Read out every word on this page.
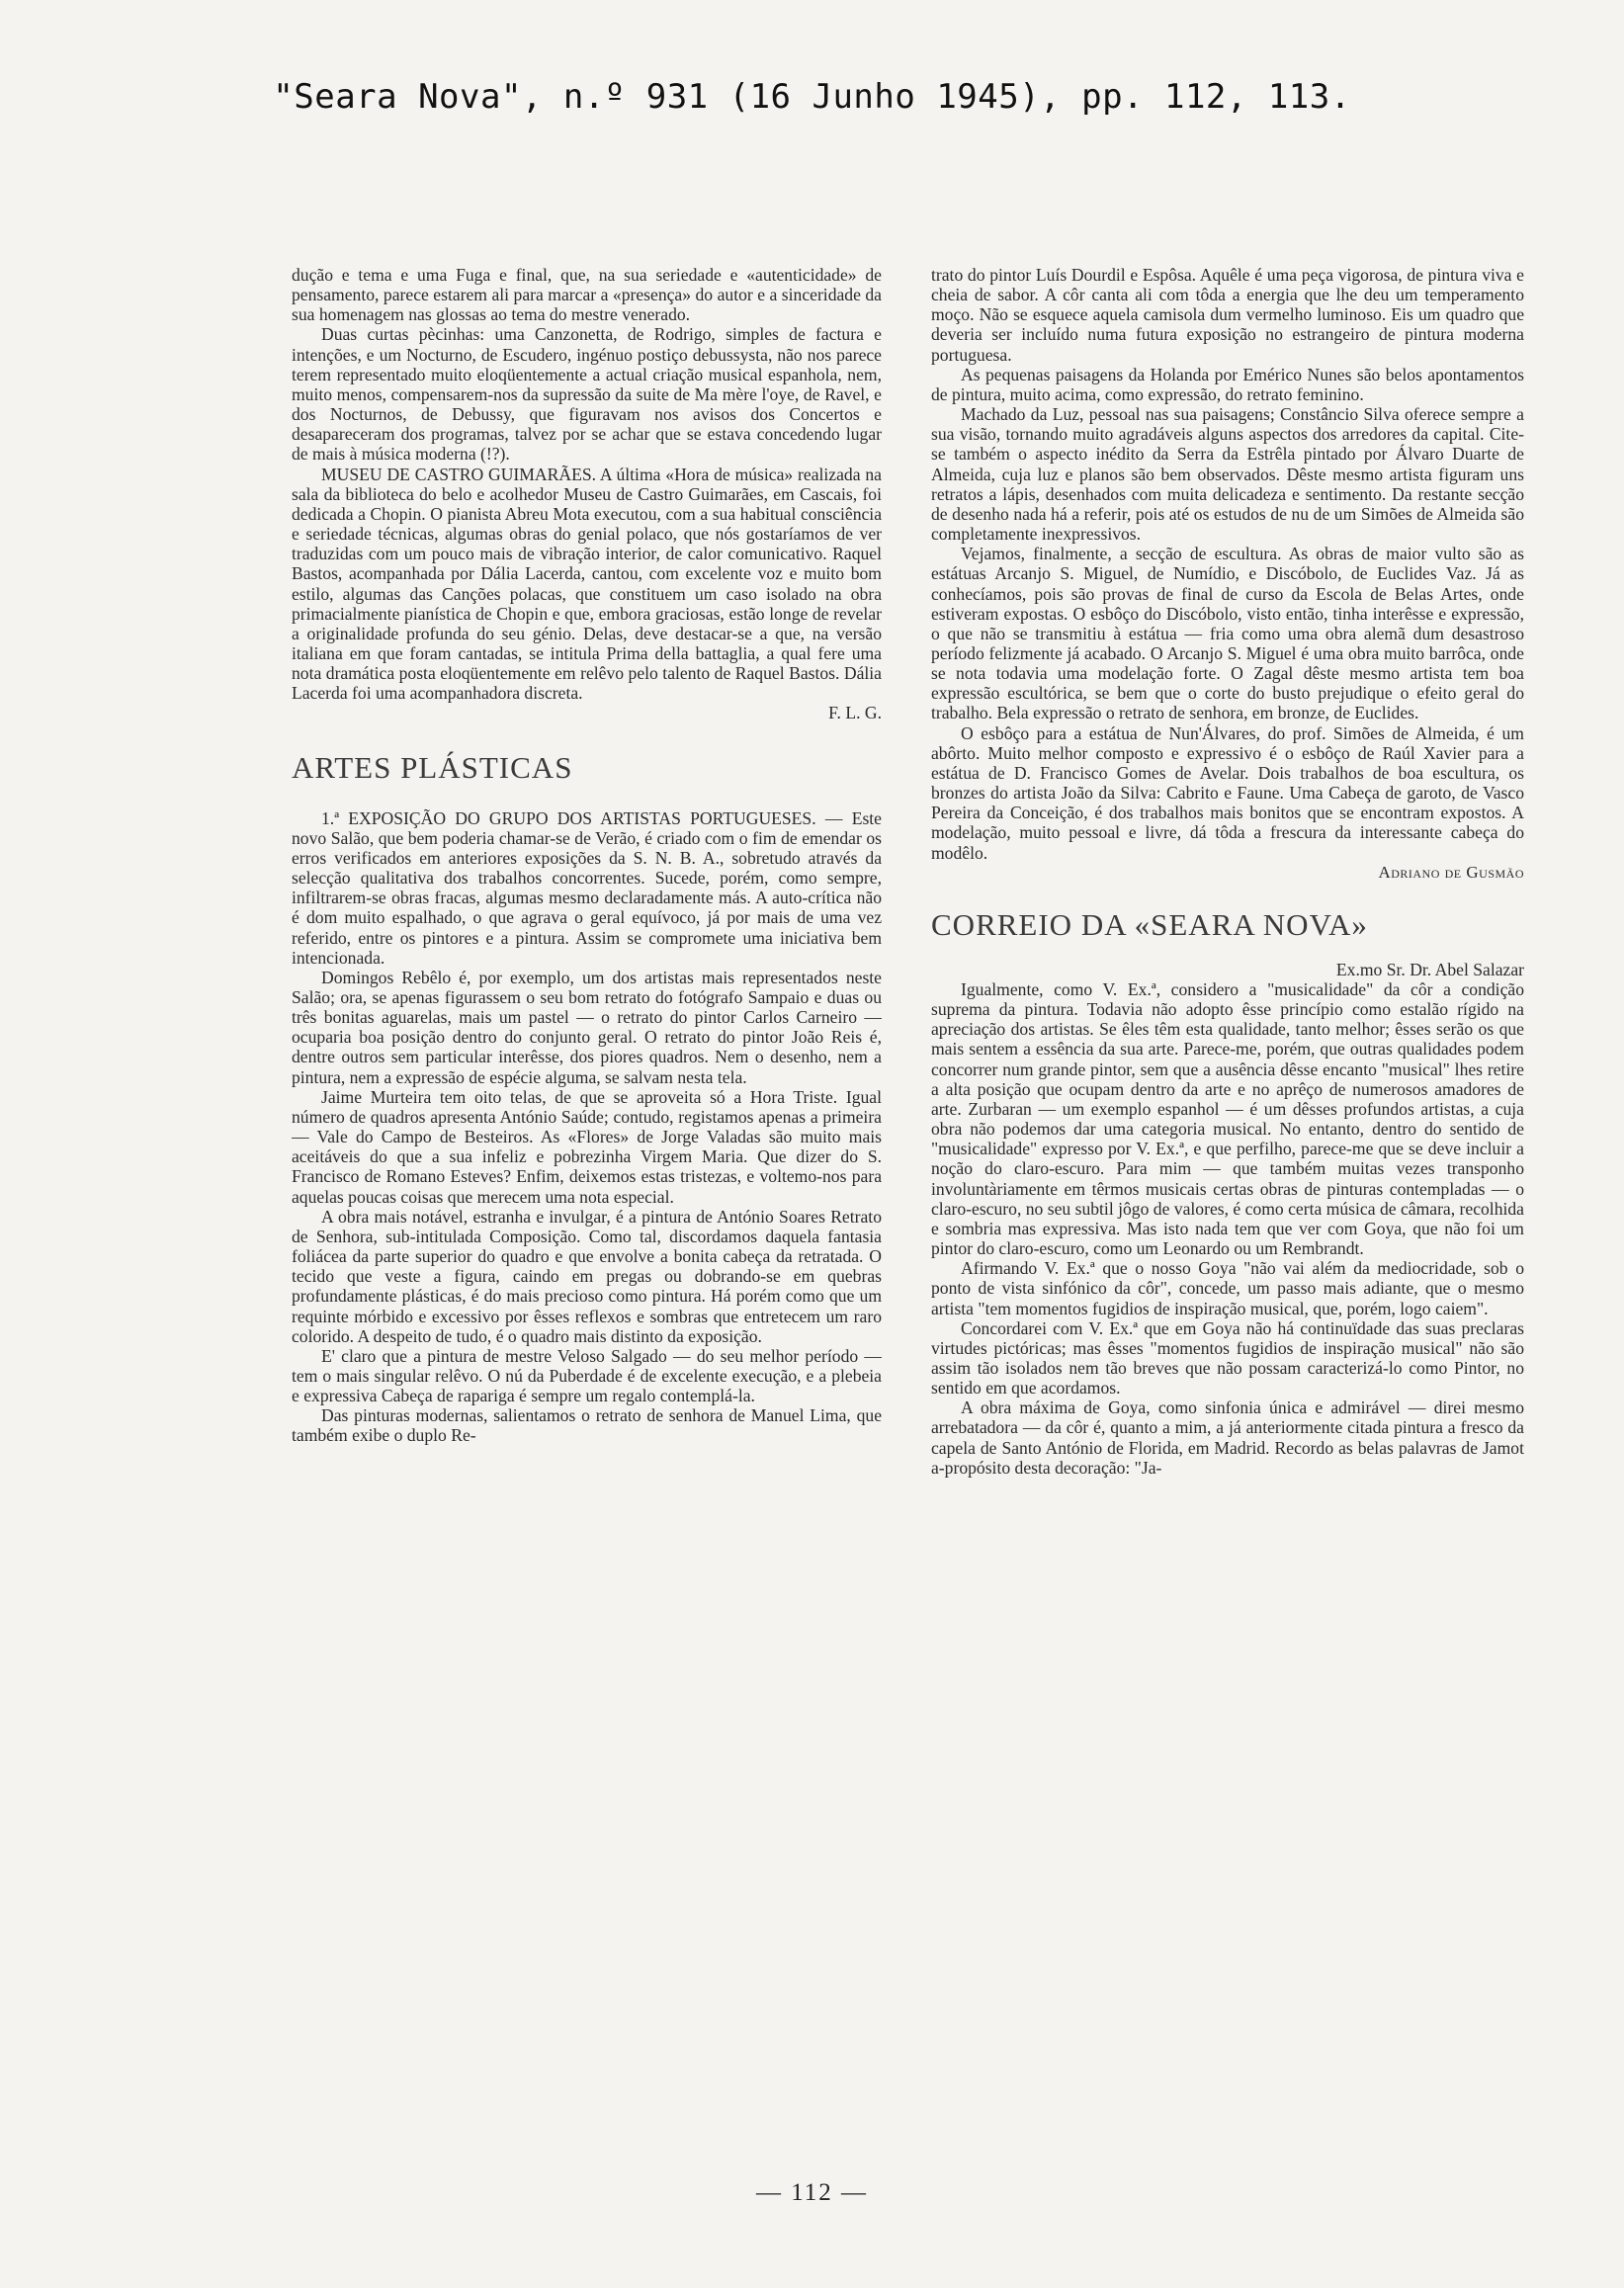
"Seara Nova", n.º 931 (16 Junho 1945), pp. 112, 113.

dução e tema e uma Fuga e final, que, na sua seriedade e «autenticidade» de pensamento, parece estarem ali para marcar a «presença» do autor e a sinceridade da sua homenagem nas glossas ao tema do mestre venerado.

Duas curtas pècinhas: uma Canzonetta, de Rodrigo, simples de factura e intenções, e um Nocturno, de Escudero, ingénuo postiço debussysta, não nos parece terem representado muito eloqüentemente a actual criação musical espanhola, nem, muito menos, compensarem-nos da supressão da suite de Ma mère l'oye, de Ravel, e dos Nocturnos, de Debussy, que figuravam nos avisos dos Concertos e desapareceram dos programas, talvez por se achar que se estava concedendo lugar de mais à música moderna (!?).

MUSEU DE CASTRO GUIMARÃES. A última «Hora de música» realizada na sala da biblioteca do belo e acolhedor Museu de Castro Guimarães, em Cascais, foi dedicada a Chopin. O pianista Abreu Mota executou, com a sua habitual consciência e seriedade técnicas, algumas obras do genial polaco, que nós gostaríamos de ver traduzidas com um pouco mais de vibração interior, de calor comunicativo. Raquel Bastos, acompanhada por Dália Lacerda, cantou, com excelente voz e muito bom estilo, algumas das Canções polacas, que constituem um caso isolado na obra primacialmente pianística de Chopin e que, embora graciosas, estão longe de revelar a originalidade profunda do seu génio. Delas, deve destacar-se a que, na versão italiana em que foram cantadas, se intitula Prima della battaglia, a qual fere uma nota dramática posta eloqüentemente em relêvo pelo talento de Raquel Bastos. Dália Lacerda foi uma acompanhadora discreta.

F. L. G.

ARTES PLÁSTICAS

1.ª EXPOSIÇÃO DO GRUPO DOS ARTISTAS PORTUGUESES. — Este novo Salão, que bem poderia chamar-se de Verão, é criado com o fim de emendar os erros verificados em anteriores exposições da S. N. B. A., sobretudo através da selecção qualitativa dos trabalhos concorrentes. Sucede, porém, como sempre, infiltrarem-se obras fracas, algumas mesmo declaradamente más. A auto-crítica não é dom muito espalhado, o que agrava o geral equívoco, já por mais de uma vez referido, entre os pintores e a pintura. Assim se compromete uma iniciativa bem intencionada.

Domingos Rebêlo é, por exemplo, um dos artistas mais representados neste Salão; ora, se apenas figurassem o seu bom retrato do fotógrafo Sampaio e duas ou três bonitas aguarelas, mais um pastel — o retrato do pintor Carlos Carneiro — ocuparia boa posição dentro do conjunto geral. O retrato do pintor João Reis é, dentre outros sem particular interêsse, dos piores quadros. Nem o desenho, nem a pintura, nem a expressão de espécie alguma, se salvam nesta tela.

Jaime Murteira tem oito telas, de que se aproveita só a Hora Triste. Igual número de quadros apresenta António Saúde; contudo, registamos apenas a primeira — Vale do Campo de Besteiros. As «Flores» de Jorge Valadas são muito mais aceitáveis do que a sua infeliz e pobrezinha Virgem Maria. Que dizer do S. Francisco de Romano Esteves? Enfim, deixemos estas tristezas, e voltemo-nos para aquelas poucas coisas que merecem uma nota especial.

A obra mais notável, estranha e invulgar, é a pintura de António Soares Retrato de Senhora, sub-intitulada Composição. Como tal, discordamos daquela fantasia foliácea da parte superior do quadro e que envolve a bonita cabeça da retratada. O tecido que veste a figura, caindo em pregas ou dobrando-se em quebras profundamente plásticas, é do mais precioso como pintura. Há porém como que um requinte mórbido e excessivo por êsses reflexos e sombras que entretecem um raro colorido. A despeito de tudo, é o quadro mais distinto da exposição.

E' claro que a pintura de mestre Veloso Salgado — do seu melhor período — tem o mais singular relêvo. O nú da Puberdade é de excelente execução, e a plebeia e expressiva Cabeça de rapariga é sempre um regalo contemplá-la.

Das pinturas modernas, salientamos o retrato de senhora de Manuel Lima, que também exibe o duplo Re-

trato do pintor Luís Dourdil e Espôsa. Aquêle é uma peça vigorosa, de pintura viva e cheia de sabor. A côr canta ali com tôda a energia que lhe deu um temperamento moço. Não se esquece aquela camisola dum vermelho luminoso. Eis um quadro que deveria ser incluído numa futura exposição no estrangeiro de pintura moderna portuguesa.

As pequenas paisagens da Holanda por Emérico Nunes são belos apontamentos de pintura, muito acima, como expressão, do retrato feminino.

Machado da Luz, pessoal nas sua paisagens; Constâncio Silva oferece sempre a sua visão, tornando muito agradáveis alguns aspectos dos arredores da capital. Cite-se também o aspecto inédito da Serra da Estrêla pintado por Álvaro Duarte de Almeida, cuja luz e planos são bem observados. Dêste mesmo artista figuram uns retratos a lápis, desenhados com muita delicadeza e sentimento. Da restante secção de desenho nada há a referir, pois até os estudos de nu de um Simões de Almeida são completamente inexpressivos.

Vejamos, finalmente, a secção de escultura. As obras de maior vulto são as estátuas Arcanjo S. Miguel, de Numídio, e Discóbolo, de Euclides Vaz. Já as conhecíamos, pois são provas de final de curso da Escola de Belas Artes, onde estiveram expostas. O esbôço do Discóbolo, visto então, tinha interêsse e expressão, o que não se transmitiu à estátua — fria como uma obra alemã dum desastroso período felizmente já acabado. O Arcanjo S. Miguel é uma obra muito barrôca, onde se nota todavia uma modelação forte. O Zagal dêste mesmo artista tem boa expressão escultórica, se bem que o corte do busto prejudique o efeito geral do trabalho. Bela expressão o retrato de senhora, em bronze, de Euclides.

O esbôço para a estátua de Nun'Álvares, do prof. Simões de Almeida, é um abôrto. Muito melhor composto e expressivo é o esbôço de Raúl Xavier para a estátua de D. Francisco Gomes de Avelar. Dois trabalhos de boa escultura, os bronzes do artista João da Silva: Cabrito e Faune. Uma Cabeça de garoto, de Vasco Pereira da Conceição, é dos trabalhos mais bonitos que se encontram expostos. A modelação, muito pessoal e livre, dá tôda a frescura da interessante cabeça do modêlo.

Adriano de Gusmão

CORREIO DA «SEARA NOVA»

Ex.mo Sr. Dr. Abel Salazar

Igualmente, como V. Ex.ª, considero a "musicalidade" da côr a condição suprema da pintura. Todavia não adopto êsse princípio como estalão rígido na apreciação dos artistas. Se êles têm esta qualidade, tanto melhor; êsses serão os que mais sentem a essência da sua arte. Parece-me, porém, que outras qualidades podem concorrer num grande pintor, sem que a ausência dêsse encanto "musical" lhes retire a alta posição que ocupam dentro da arte e no aprêço de numerosos amadores de arte. Zurbaran — um exemplo espanhol — é um dêsses profundos artistas, a cuja obra não podemos dar uma categoria musical. No entanto, dentro do sentido de "musicalidade" expresso por V. Ex.ª, e que perfilho, parece-me que se deve incluir a noção do claro-escuro. Para mim — que também muitas vezes transponho involuntàriamente em têrmos musicais certas obras de pinturas contempladas — o claro-escuro, no seu subtil jôgo de valores, é como certa música de câmara, recolhida e sombria mas expressiva. Mas isto nada tem que ver com Goya, que não foi um pintor do claro-escuro, como um Leonardo ou um Rembrandt.

Afirmando V. Ex.ª que o nosso Goya "não vai além da mediocridade, sob o ponto de vista sinfónico da côr", concede, um passo mais adiante, que o mesmo artista "tem momentos fugidios de inspiração musical, que, porém, logo caiem".

Concordarei com V. Ex.ª que em Goya não há continuïdade das suas preclaras virtudes pictóricas; mas êsses "momentos fugidios de inspiração musical" não são assim tão isolados nem tão breves que não possam caracterizá-lo como Pintor, no sentido em que acordamos.

A obra máxima de Goya, como sinfonia única e admirável — direi mesmo arrebatadora — da côr é, quanto a mim, a já anteriormente citada pintura a fresco da capela de Santo António de Florida, em Madrid. Recordo as belas palavras de Jamot a-propósito desta decoração: "Ja-

— 112 —
